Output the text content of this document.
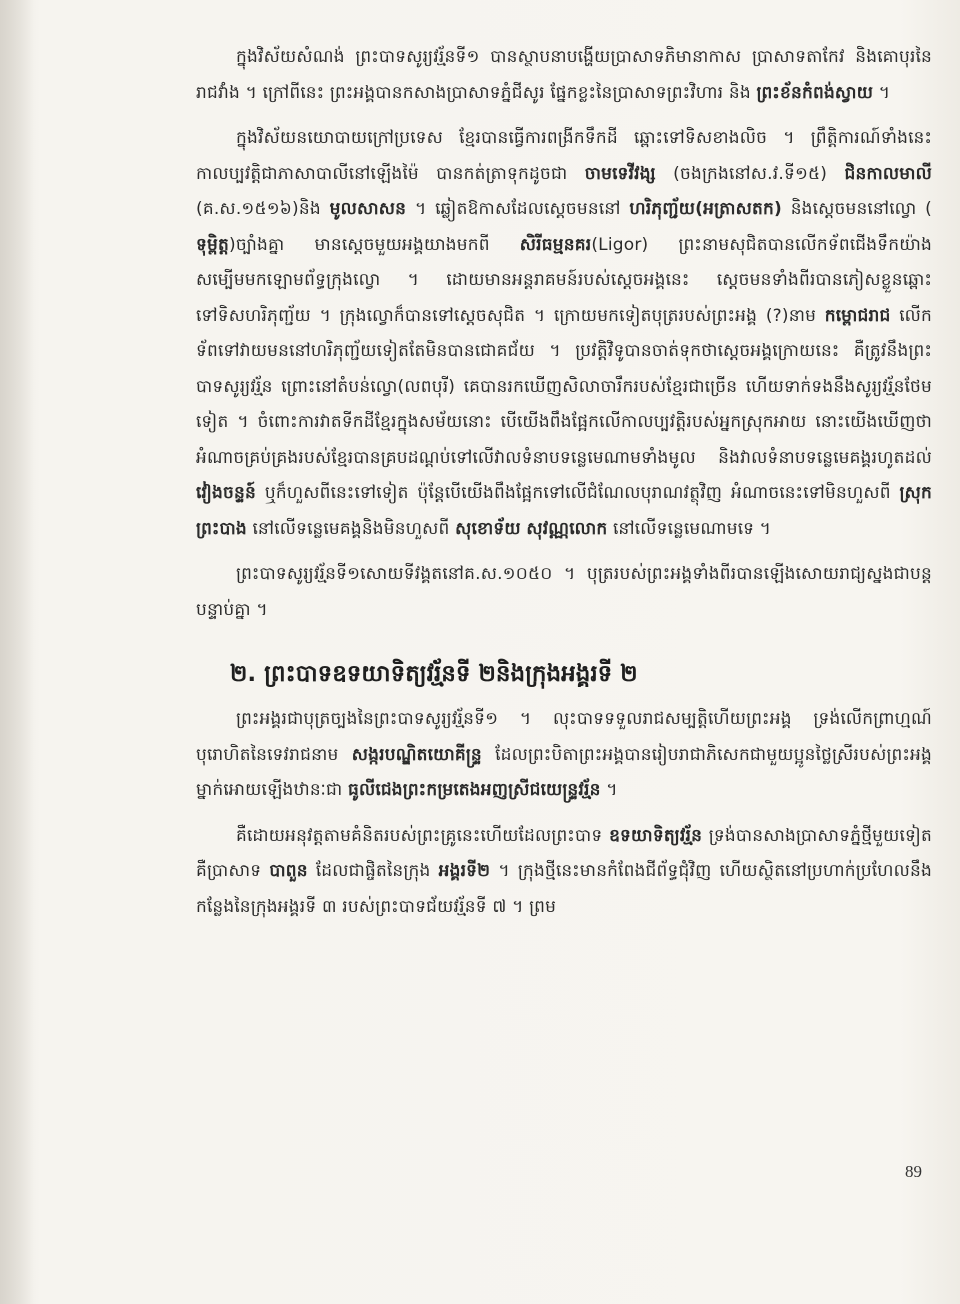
ក្នុងវិស័យសំណង់ ព្រះបាទសូរ្យវរ្ម័នទី១ បានស្ថាបនាបង្ហើយប្រាសាទភិមានាកាស ប្រាសាទតាកែវ និងគោបុរនៃរាជវាំង ។ ក្រៅពីនេះ ព្រះអង្គបានកសាងប្រាសាទភ្នំជីសូរ ផ្នែកខ្លះនៃប្រាសាទព្រះវិហារ និង ព្រះខ័ន​កំពង់​ស្វាយ ។

ក្នុងវិស័យនយោបាយក្រៅប្រទេស ខ្មែរបានធ្វើការពង្រីកទឹកដី ឆ្ពោះទៅទិសខាងលិច ។ ព្រឹត្តិការណ៍ទាំងនេះ កាលប្បវត្តិជាភាសាបាលីនៅឡើងម៉ៃ បានកត់ត្រាទុកដូចជា ចាមទេវីវង្ស (ចងក្រងនៅស.វ.ទី១៥) ជិនកាលមាលី (គ.ស.១៥១៦)និង មូលសាសន ។ ឆ្លៀតឱកាសដែលស្តេចមននៅ ហរិភុញ្ជ័យ(អត្រាសតក) និងស្តេចមននៅល្វោ ( ទុម្ពិត្ត)ច្បាំងគ្នា មានស្តេចមួយអង្គយាងមកពី សិរីធម្មនគរ(Ligor) ព្រះនាមសុជិតបានលើកទ័ពជើងទឹកយ៉ាងសម្បើមមកឡោមព័ទ្ធក្រុងល្វោ ។ ដោយមានអន្តរាគមន៍របស់ស្តេចអង្គនេះ ស្តេចមនទាំងពីរបានភៀសខ្លួនឆ្ពោះទៅទិសហរិភុញ្ជ័យ ។ ក្រុងល្វោក៏បានទៅស្តេចសុជិត ។ ក្រោយមកទៀតបុត្ររបស់ព្រះអង្គ (?)នាម កម្ពោជរាជ លើកទ័ពទៅវាយមននៅហរិភុញ្ជ័យទៀតតែមិនបានជោគជ័យ ។ ប្រវត្តិវិទូបានចាត់ទុកថាស្តេចអង្គក្រោយនេះ គឺត្រូវនឹងព្រះបាទសូរ្យវរ្ម័ន ព្រោះនៅតំបន់ល្វោ(លពបុរី) គេបានរកឃើញសិលាចារឹករបស់ខ្មែរជាច្រើន ហើយទាក់ទងនឹងសូរ្យវរ្ម័នថែមទៀត ។ ចំពោះការវាតទីកដីខ្មែរក្នុងសម័យនោះ បើយើងពឹងផ្អែកលើកាលប្បវត្តិរបស់អ្នកស្រុកអាយ នោះយើងឃើញថាអំណាចគ្រប់គ្រងរបស់ខ្មែរបានគ្របដណ្តប់ទៅលើវាលទំនាបទន្លេមេណាមទាំងមូល និងវាលទំនាបទន្លេមេគង្គរហូតដល់ វៀងចន្ទន៍ ឬក៏ហួសពីនេះទៅទៀត ប៉ុន្តែបើយើងពឹងផ្អែកទៅលើជំណែលបុរាណវត្ថុវិញ អំណាចនេះទៅមិនហួសពី ស្រុកព្រះបាង នៅលើទន្លេមេគង្គនិងមិនហួសពី សុខោទ័យ សុវណ្ណលោក នៅលើទន្លេមេណាមទេ ។

ព្រះបាទសូរ្យវរ្ម័នទី១សោយទីវង្គតនៅគ.ស.១០៥០ ។ បុត្ររបស់ព្រះអង្គទាំងពីរបានឡើងសោយរាជ្យស្នងជាបន្តបន្ទាប់គ្នា ។

២. ព្រះបាទឧទយាទិត្យវរ្ម័នទី ២និងក្រុងអង្គរទី ២

ព្រះអង្គរជាបុត្រច្បងនៃព្រះបាទសូរ្យវរ្ម័នទី១ ។ លុះបាទទទួលរាជសម្បត្តិហើយព្រះអង្គ ទ្រង់លើកព្រាហ្មណ៍បុរោហិតនៃទេវរាជនាម សង្ករបណ្ឌិតយោគីន្ទ្រ ដែលព្រះបិតាព្រះអង្គបានរៀបរាជាភិសេកជាមួយប្អូនថ្លៃស្រីរបស់ព្រះអង្គម្នាក់អោយឡើងឋានៈជា ធូលីជេងព្រះកម្រតេងអញស្រីជយេន្ទ្រវរ្ម័ន ។

គឺដោយអនុវត្តតាមគំនិតរបស់ព្រះគ្រូនេះហើយដែលព្រះបាទ ឧទយាទិត្យវរ្ម័ន ទ្រង់បានសាងប្រាសាទភ្នំថ្មីមួយទៀត គឺប្រាសាទ បាពួន ដែលជាផ្ចិតនៃក្រុង អង្គរទី២ ។ ក្រុងថ្មីនេះមានកំពែងជីព័ទ្ធជុំវិញ ហើយស្ថិតនៅប្រហាក់ប្រហែលនឹងកន្លែងនៃក្រុងអង្គរទី ៣ របស់ព្រះបាទជ័យវរ្ម័នទី ៧ ។ ព្រម

89
